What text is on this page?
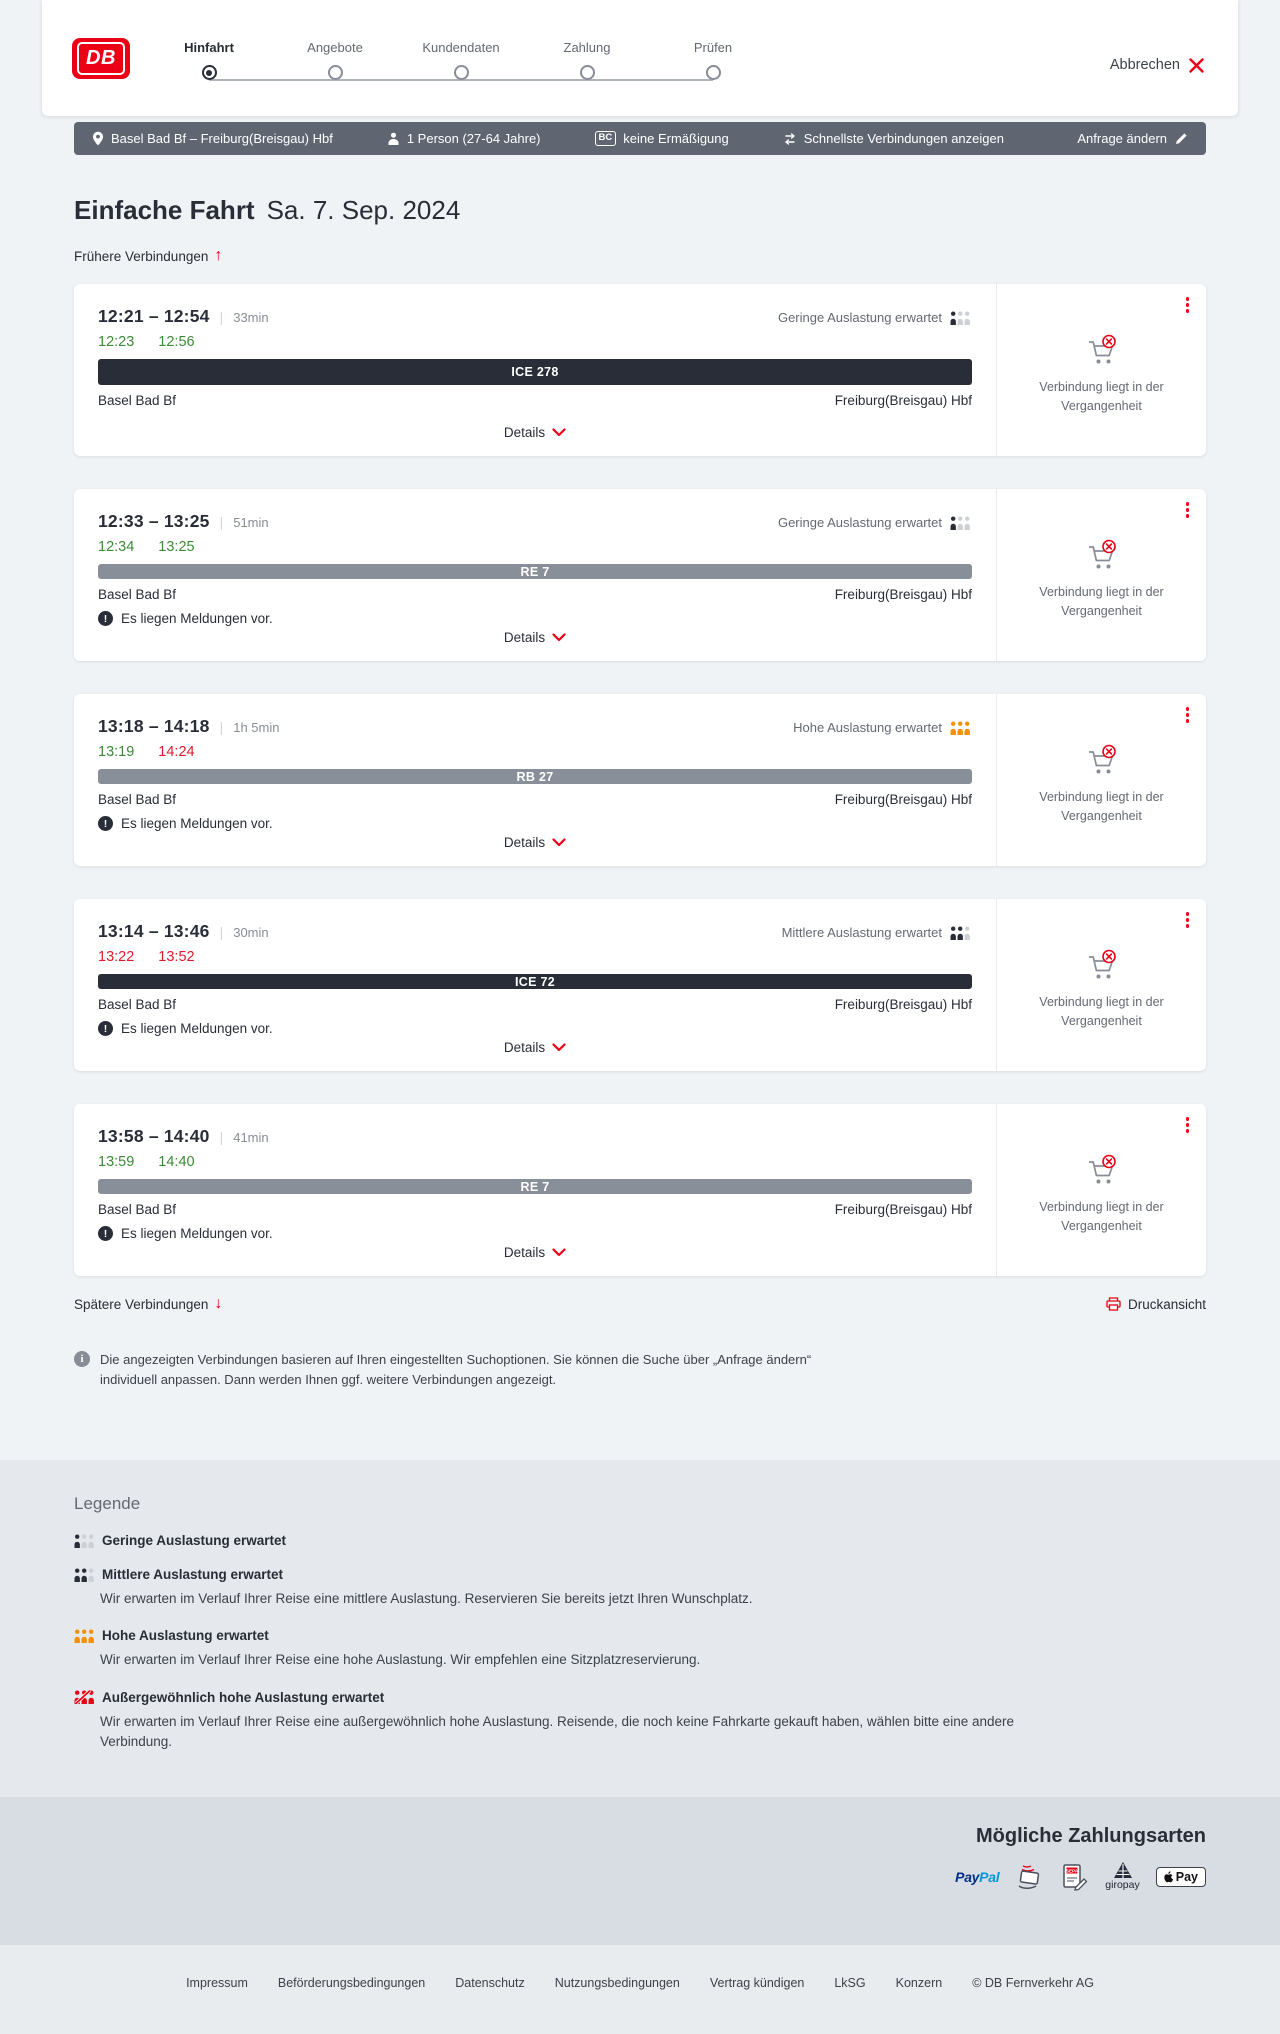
DB	Hinfahrt	Angebote	Kundendaten	Zahlung	Prüfen
Abbrechen
Basel Bad Bf – Freiburg(Breisgau) Hbf	1 Person (27-64 Jahre)	BC keine Ermäßigung	Schnellste Verbindungen anzeigen	Anfrage ändern
Einfache Fahrt Sa. 7. Sep. 2024
Frühere Verbindungen ↑
12:21 – 12:54 | 33min	Geringe Auslastung erwartet
12:23 12:56
ICE 278
Basel Bad Bf	Freiburg(Breisgau) Hbf
Details
Verbindung liegt in der Vergangenheit
12:33 – 13:25 | 51min	Geringe Auslastung erwartet
12:34 13:25
RE 7
Basel Bad Bf	Freiburg(Breisgau) Hbf
!	Es liegen Meldungen vor.
Details
Verbindung liegt in der Vergangenheit
13:18 – 14:18 | 1h 5min	Hohe Auslastung erwartet
13:19 14:24
RB 27
Basel Bad Bf	Freiburg(Breisgau) Hbf
!	Es liegen Meldungen vor.
Details
Verbindung liegt in der Vergangenheit
13:14 – 13:46 | 30min	Mittlere Auslastung erwartet
13:22 13:52
ICE 72
Basel Bad Bf	Freiburg(Breisgau) Hbf
!	Es liegen Meldungen vor.
Details
Verbindung liegt in der Vergangenheit
13:58 – 14:40 | 41min
13:59 14:40
RE 7
Basel Bad Bf	Freiburg(Breisgau) Hbf
!	Es liegen Meldungen vor.
Details
Verbindung liegt in der Vergangenheit
Spätere Verbindungen ↓	Druckansicht
i	Die angezeigten Verbindungen basieren auf Ihren eingestellten Suchoptionen. Sie können die Suche über „Anfrage ändern“ individuell anpassen. Dann werden Ihnen ggf. weitere Verbindungen angezeigt.

Legende
Geringe Auslastung erwartet
Mittlere Auslastung erwartet
Wir erwarten im Verlauf Ihrer Reise eine mittlere Auslastung. Reservieren Sie bereits jetzt Ihren Wunschplatz.
Hohe Auslastung erwartet
Wir erwarten im Verlauf Ihrer Reise eine hohe Auslastung. Wir empfehlen eine Sitzplatzreservierung.
Außergewöhnlich hohe Auslastung erwartet
Wir erwarten im Verlauf Ihrer Reise eine außergewöhnlich hohe Auslastung. Reisende, die noch keine Fahrkarte gekauft haben, wählen bitte eine andere Verbindung.
Mögliche Zahlungsarten
PayPal	SEPA
giropay
Pay
Impressum Beförderungsbedingungen Datenschutz Nutzungsbedingungen Vertrag kündigen LkSG Konzern © DB Fernverkehr AG
